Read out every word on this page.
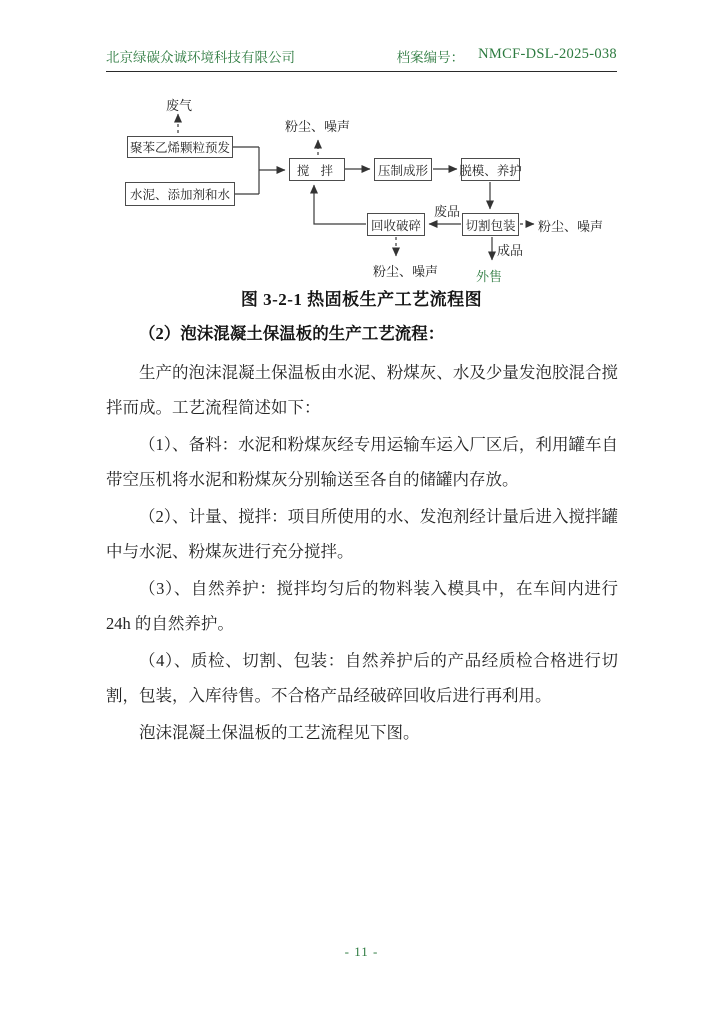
北京绿碳众诚环境科技有限公司	档案编号： NMCF-DSL-2025-038
聚苯乙烯颗粒预发
水泥、添加剂和水
搅 拌	压制成形	脱模、养护
切割包装
回收破碎
废气
粉尘、噪声
粉尘、噪声
粉尘、噪声
废品
成品
外售
图 3-2-1 热固板生产工艺流程图
（2）泡沫混凝土保温板的生产工艺流程：

生产的泡沫混凝土保温板由水泥、粉煤灰、水及少量发泡胶混合搅拌而成。工艺流程简述如下：

（1）、备料：水泥和粉煤灰经专用运输车运入厂区后，利用罐车自带空压机将水泥和粉煤灰分别输送至各自的储罐内存放。

（2）、计量、搅拌：项目所使用的水、发泡剂经计量后进入搅拌罐中与水泥、粉煤灰进行充分搅拌。

（3）、自然养护：搅拌均匀后的物料装入模具中，在车间内进行 24h 的自然养护。

（4）、质检、切割、包装：自然养护后的产品经质检合格进行切割，包装，入库待售。不合格产品经破碎回收后进行再利用。

泡沫混凝土保温板的工艺流程见下图。

- 11 -
